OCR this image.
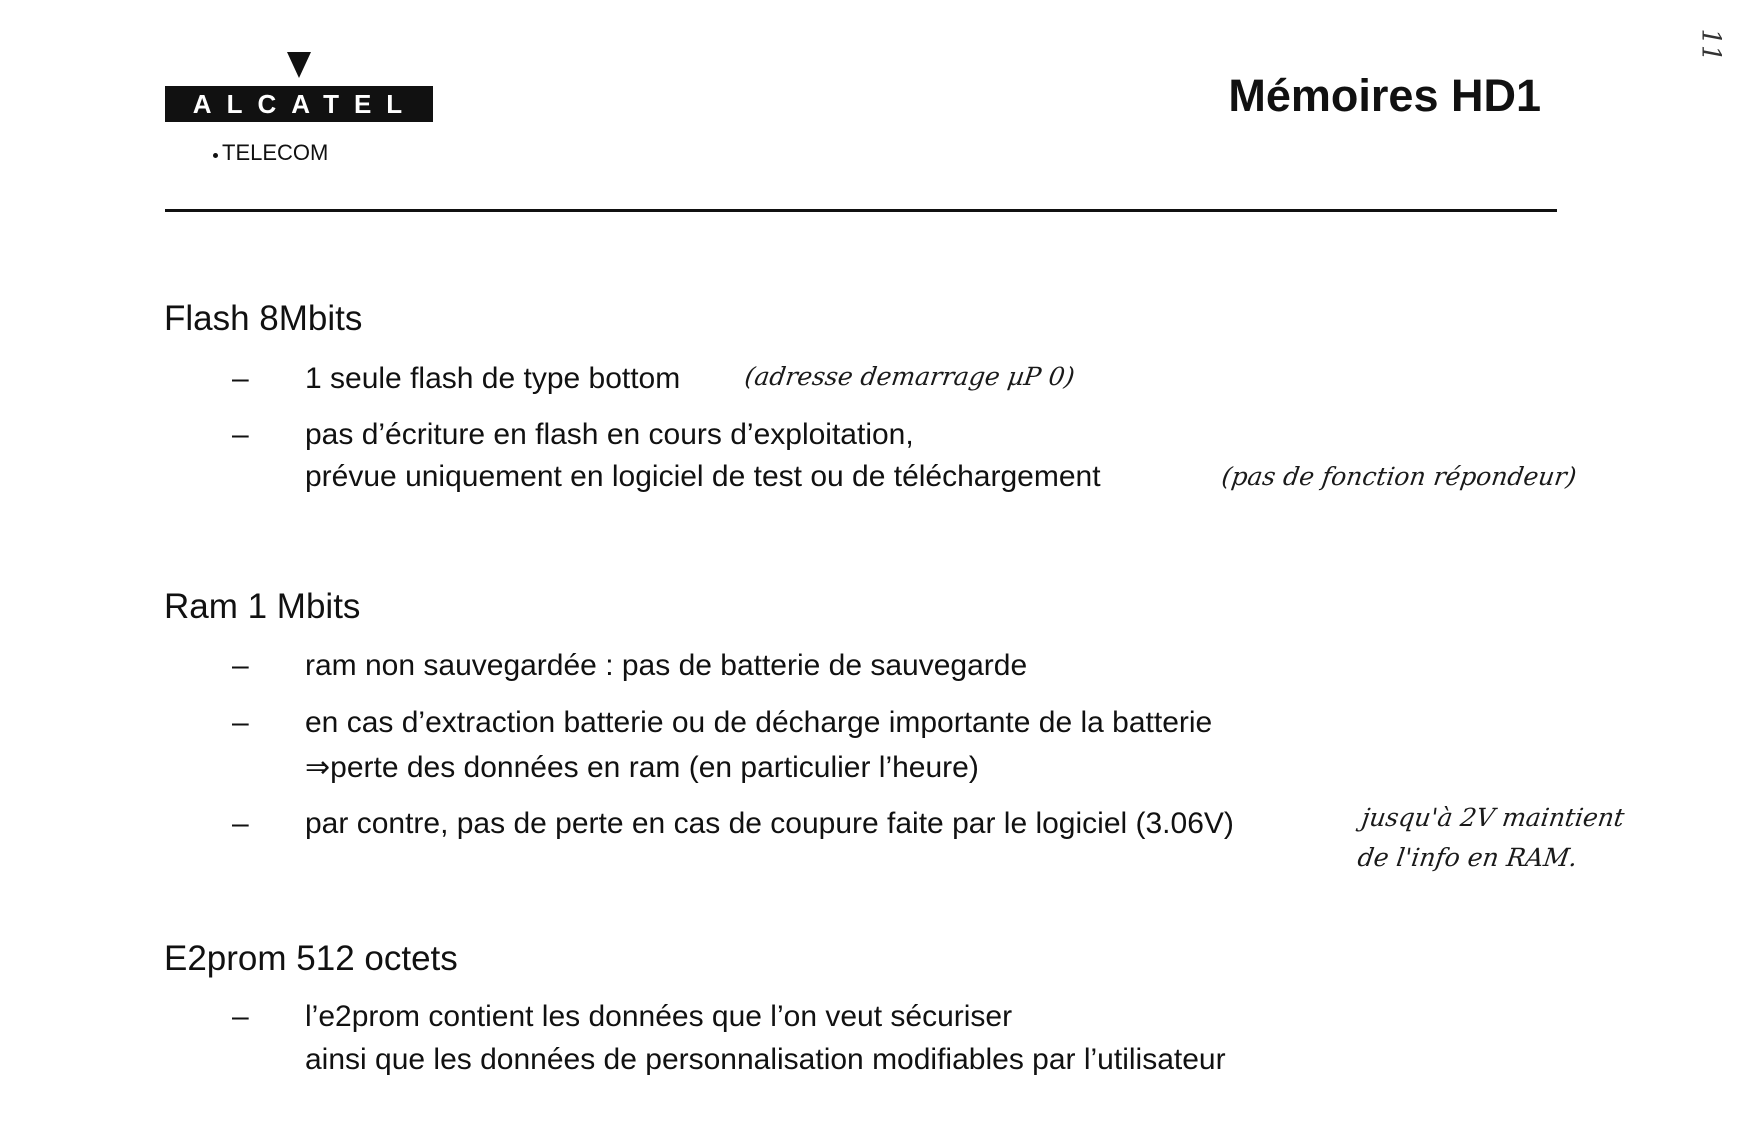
ALCATEL
TELECOM
Mémoires HD1
11
Flash 8Mbits
– 1 seule flash de type bottom	(adresse demarrage µP 0)
– pas d’écriture en flash en cours d’exploitation,
prévue uniquement en logiciel de test ou de téléchargement	(pas de fonction répondeur)
Ram 1 Mbits
– ram non sauvegardée : pas de batterie de sauvegarde
– en cas d’extraction batterie ou de décharge importante de la batterie
⇒perte des données en ram (en particulier l’heure)
– par contre, pas de perte en cas de coupure faite par le logiciel (3.06V)	jusqu'à 2V maintient
de l'info en RAM.
E2prom 512 octets
– l’e2prom contient les données que l’on veut sécuriser
ainsi que les données de personnalisation modifiables par l’utilisateur
